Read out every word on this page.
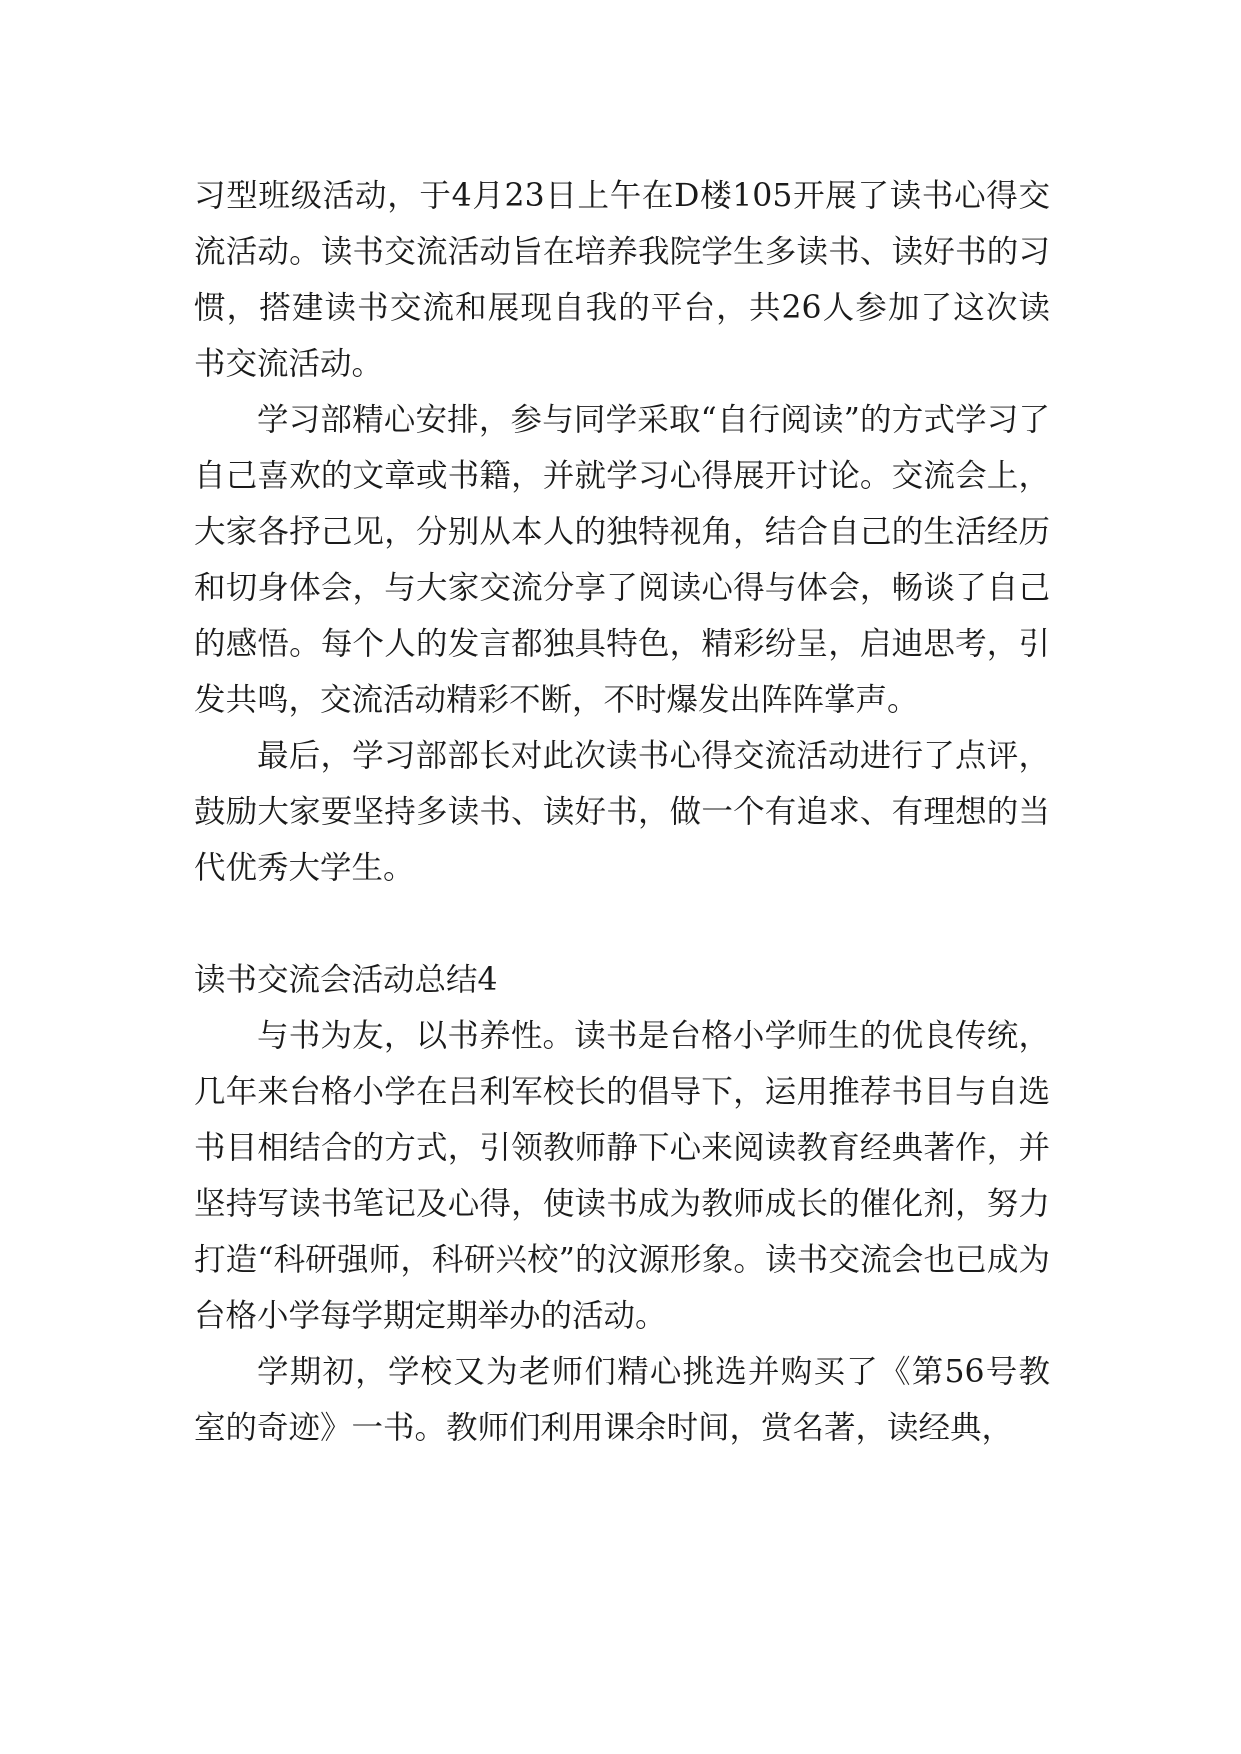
习型班级活动，于4月23日上午在D楼105开展了读书心得交流活动。读书交流活动旨在培养我院学生多读书、读好书的习惯，搭建读书交流和展现自我的平台，共26人参加了这次读书交流活动。

学习部精心安排，参与同学采取“自行阅读”的方式学习了自己喜欢的文章或书籍，并就学习心得展开讨论。交流会上，大家各抒己见，分别从本人的独特视角，结合自己的生活经历和切身体会，与大家交流分享了阅读心得与体会，畅谈了自己的感悟。每个人的发言都独具特色，精彩纷呈，启迪思考，引发共鸣，交流活动精彩不断，不时爆发出阵阵掌声。

最后，学习部部长对此次读书心得交流活动进行了点评，鼓励大家要坚持多读书、读好书，做一个有追求、有理想的当代优秀大学生。

读书交流会活动总结4

与书为友，以书养性。读书是台格小学师生的优良传统，几年来台格小学在吕利军校长的倡导下，运用推荐书目与自选书目相结合的方式，引领教师静下心来阅读教育经典著作，并坚持写读书笔记及心得，使读书成为教师成长的催化剂，努力打造“科研强师，科研兴校”的汶源形象。读书交流会也已成为台格小学每学期定期举办的活动。

学期初，学校又为老师们精心挑选并购买了《第56号教室的奇迹》一书。教师们利用课余时间，赏名著，读经典，
